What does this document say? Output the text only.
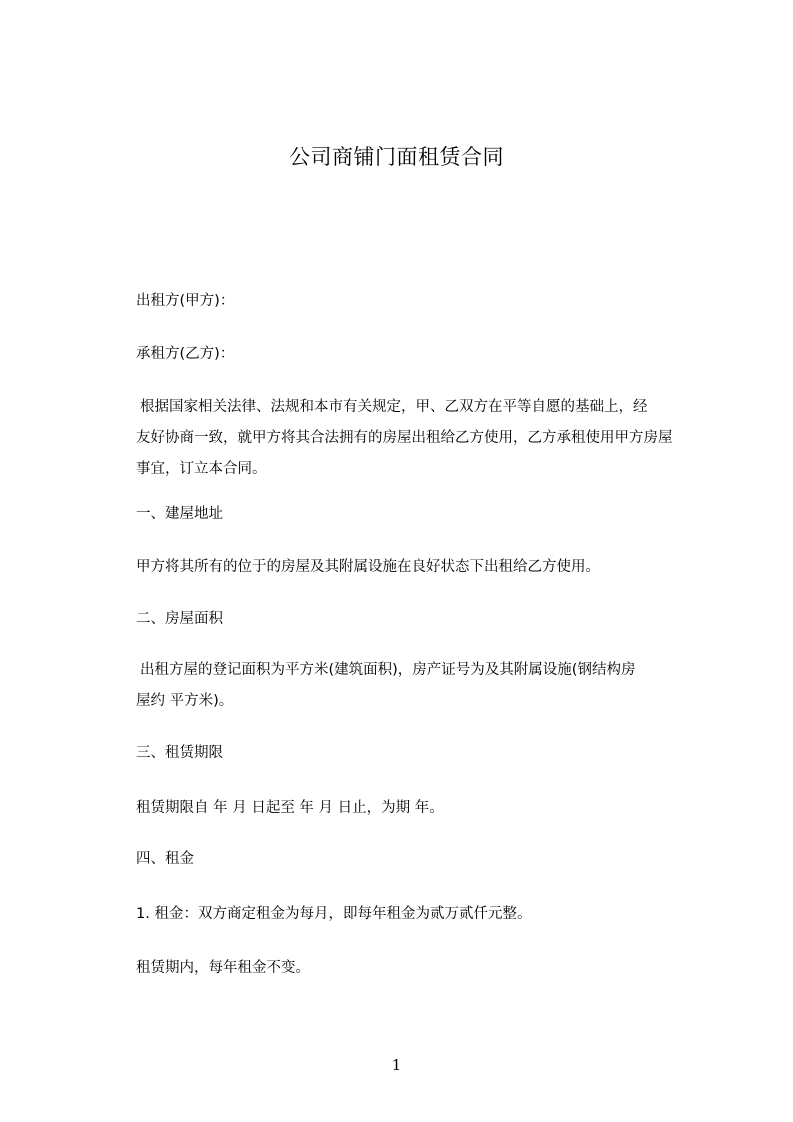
公司商铺门面租赁合同
出租方(甲方)：
承租方(乙方)：
根据国家相关法律、法规和本市有关规定，甲、乙双方在平等自愿的基础上，经
友好协商一致，就甲方将其合法拥有的房屋出租给乙方使用，乙方承租使用甲方房屋
事宜，订立本合同。
一、建屋地址
甲方将其所有的位于的房屋及其附属设施在良好状态下出租给乙方使用。
二、房屋面积
出租方屋的登记面积为平方米(建筑面积)，房产证号为及其附属设施(钢结构房
屋约 平方米)。
三、租赁期限
租赁期限自 年 月 日起至 年 月 日止，为期 年。
四、租金
1. 租金：双方商定租金为每月，即每年租金为贰万贰仟元整。
租赁期内，每年租金不变。
1
